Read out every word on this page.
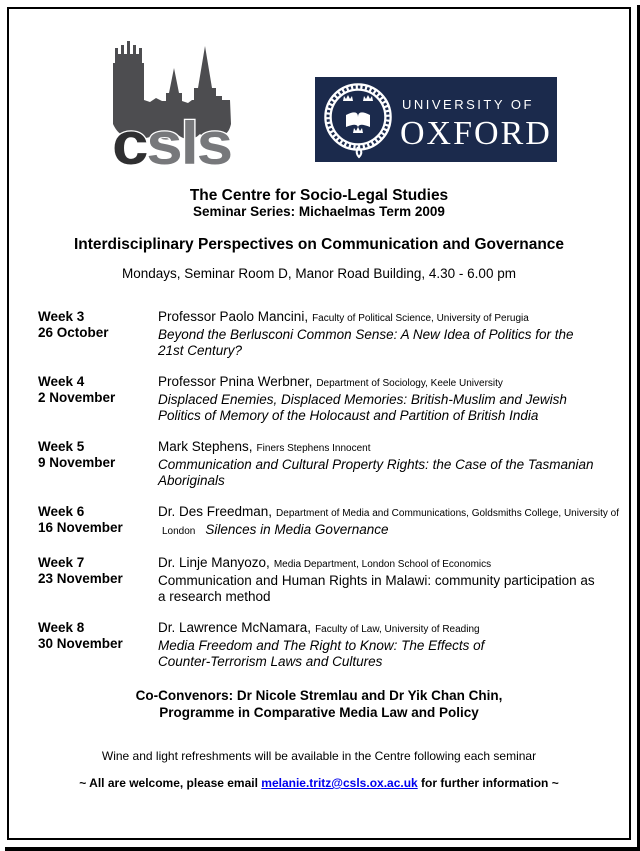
csls
UNIVERSITY OF
OXFORD
The Centre for Socio-Legal Studies
Seminar Series: Michaelmas Term 2009
Interdisciplinary Perspectives on Communication and Governance
Mondays, Seminar Room D, Manor Road Building, 4.30 - 6.00 pm
Week 3
26 October
Professor Paolo Mancini, Faculty of Political Science, University of Perugia
Beyond the Berlusconi Common Sense: A New Idea of Politics for the
21st Century?
Week 4
2 November
Professor Pnina Werbner, Department of Sociology, Keele University
Displaced Enemies, Displaced Memories: British-Muslim and Jewish
Politics of Memory of the Holocaust and Partition of British India
Week 5
9 November
Mark Stephens, Finers Stephens Innocent
Communication and Cultural Property Rights: the Case of the Tasmanian
Aboriginals
Week 6
16 November
Dr. Des Freedman, Department of Media and Communications, Goldsmiths College, University of
London Silences in Media Governance
Week 7
23 November
Dr. Linje Manyozo, Media Department, London School of Economics
Communication and Human Rights in Malawi: community participation as
a research method
Week 8
30 November
Dr. Lawrence McNamara, Faculty of Law, University of Reading
Media Freedom and The Right to Know: The Effects of
Counter-Terrorism Laws and Cultures
Co-Convenors: Dr Nicole Stremlau and Dr Yik Chan Chin,
Programme in Comparative Media Law and Policy
Wine and light refreshments will be available in the Centre following each seminar
~ All are welcome, please email melanie.tritz@csls.ox.ac.uk for further information ~
